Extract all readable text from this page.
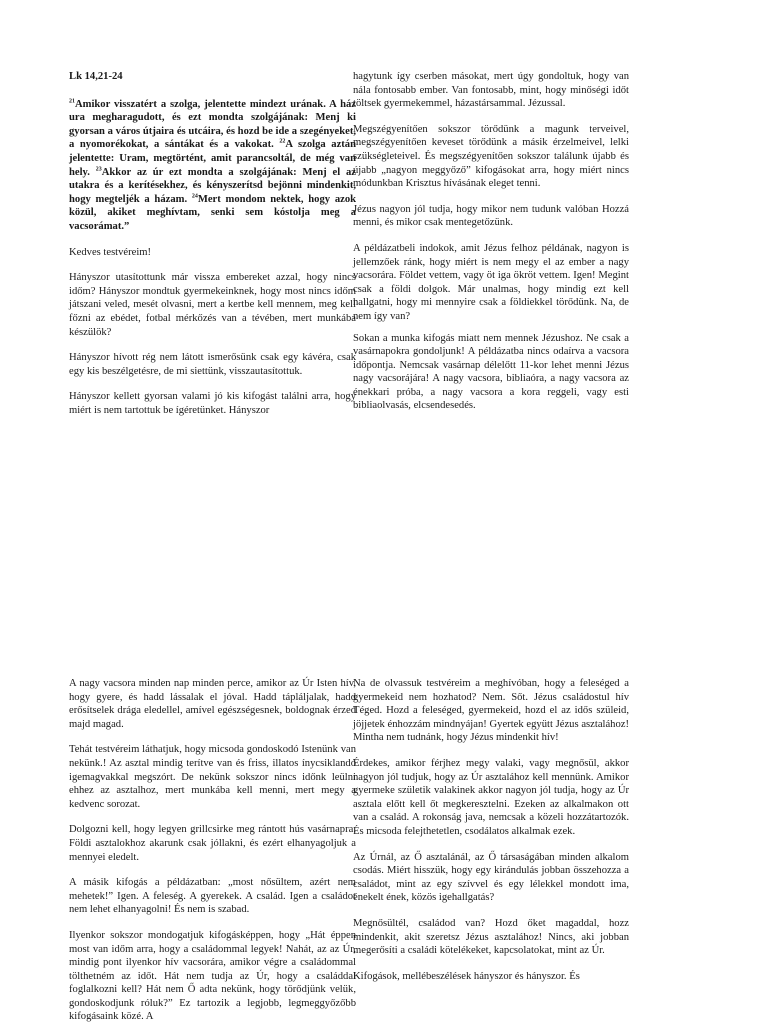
Lk 14,21-24

$^{21}$Amikor visszatért a szolga, jelentette mindezt urának. A ház ura megharagudott, és ezt mondta szolgájának: Menj ki gyorsan a város útjaira és utcáira, és hozd be ide a szegényeket, a nyomorékokat, a sántákat és a vakokat. $^{22}$A szolga aztán jelentette: Uram, megtörtént, amit parancsoltál, de még van hely. $^{23}$Akkor az úr ezt mondta a szolgájának: Menj el az utakra és a kerítésekhez, és kényszerítsd bejönni mindenkit, hogy megteljék a házam. $^{24}$Mert mondom nektek, hogy azok közül, akiket meghívtam, senki sem kóstolja meg a vacsorámat.”

Kedves testvéreim!

Hányszor utasítottunk már vissza embereket azzal, hogy nincs időm? Hányszor mondtuk gyermekeinknek, hogy most nincs időm játszani veled, mesét olvasni, mert a kertbe kell mennem, meg kell főzni az ebédet, fotbal mérkőzés van a tévében, mert munkába készülök?

Hányszor hívott rég nem látott ismerősünk csak egy kávéra, csak egy kis beszélgetésre, de mi siettünk, visszautasítottuk.

Hányszor kellett gyorsan valami jó kis kifogást találni arra, hogy miért is nem tartottuk be ígéretünket. Hányszor

hagytunk így cserben másokat, mert úgy gondoltuk, hogy van nála fontosabb ember. Van fontosabb, mint, hogy minőségi időt töltsek gyermekemmel, házastársammal. Jézussal.

Megszégyenítően sokszor törődünk a magunk terveivel, megszégyenítően keveset törődünk a másik érzelmeivel, lelki szükségleteivel. És megszégyenítően sokszor találunk újabb és újabb „nagyon meggyőző” kifogásokat arra, hogy miért nincs módunkban Krisztus hívásának eleget tenni.

Jézus nagyon jól tudja, hogy mikor nem tudunk valóban Hozzá menni, és mikor csak mentegetőzünk.

A példázatbeli indokok, amit Jézus felhoz példának, nagyon is jellemzőek ránk, hogy miért is nem megy el az ember a nagy vacsorára. Földet vettem, vagy öt iga ökröt vettem. Igen! Megint csak a földi dolgok. Már unalmas, hogy mindig ezt kell hallgatni, hogy mi mennyire csak a földiekkel törődünk. Na, de nem így van?

Sokan a munka kifogás miatt nem mennek Jézushoz. Ne csak a vasárnapokra gondoljunk! A példázatba nincs odaírva a vacsora időpontja. Nemcsak vasárnap délelőtt 11-kor lehet menni Jézus nagy vacsorájára! A nagy vacsora, bibliaóra, a nagy vacsora az énekkari próba, a nagy vacsora a kora reggeli, vagy esti bibliaolvasás, elcsendesedés.

A nagy vacsora minden nap minden perce, amikor az Úr Isten hív, hogy gyere, és hadd lássalak el jóval. Hadd tápláljalak, hadd erősítselek drága eledellel, amível egészségesnek, boldognak érzed majd magad.

Tehát testvéreim láthatjuk, hogy micsoda gondoskodó Istenünk van nekünk.! Az asztal mindig terítve van és friss, illatos ínycsiklandó igemagvakkal megszórt. De nekünk sokszor nincs időnk leülni ehhez az asztalhoz, mert munkába kell menni, mert megy a kedvenc sorozat.

Dolgozni kell, hogy legyen grillcsirke meg rántott hús vasárnapra. Földi asztalokhoz akarunk csak jóllakni, és ezért elhanyagoljuk a mennyei eledelt.

A másik kifogás a példázatban: „most nősültem, azért nem mehetek!” Igen. A feleség. A gyerekek. A család. Igen a családot nem lehet elhanyagolni! És nem is szabad.

Ilyenkor sokszor mondogatjuk kifogásképpen, hogy „Hát éppen most van időm arra, hogy a családommal legyek! Nahát, az az Úr, mindig pont ilyenkor hív vacsorára, amikor végre a családommal tölthetném az időt. Hát nem tudja az Úr, hogy a családdal foglalkozni kell? Hát nem Ő adta nekünk, hogy törődjünk velük, gondoskodjunk róluk?” Ez tartozik a legjobb, legmeggyőzőbb kifogásaink közé. A

Na de olvassuk testvéreim a meghívóban, hogy a feleséged a gyermekeid nem hozhatod? Nem. Sőt. Jézus családostul hív Téged. Hozd a feleséged, gyermekeid, hozd el az idős szüleid, jöjjetek énhozzám mindnyájan! Gyertek együtt Jézus asztalához! Mintha nem tudnánk, hogy Jézus mindenkit hív!

Érdekes, amikor férjhez megy valaki, vagy megnősül, akkor nagyon jól tudjuk, hogy az Úr asztalához kell mennünk. Amikor gyermeke születik valakinek akkor nagyon jól tudja, hogy az Úr asztala előtt kell őt megkeresztelni. Ezeken az alkalmakon ott van a család. A rokonság java, nemcsak a közeli hozzátartozók. És micsoda felejthetetlen, csodálatos alkalmak ezek.

Az Úrnál, az Ő asztalánál, az Ő társaságában minden alkalom csodás. Miért hisszük, hogy egy kirándulás jobban összehozza a családot, mint az egy szívvel és egy lélekkel mondott ima, énekelt ének, közös igehallgatás?

Megnősültél, családod van? Hozd őket magaddal, hozz mindenkit, akit szeretsz Jézus asztalához! Nincs, aki jobban megerősíti a családi kötelékeket, kapcsolatokat, mint az Úr.

Kifogások, mellébeszélések hányszor és hányszor. És
